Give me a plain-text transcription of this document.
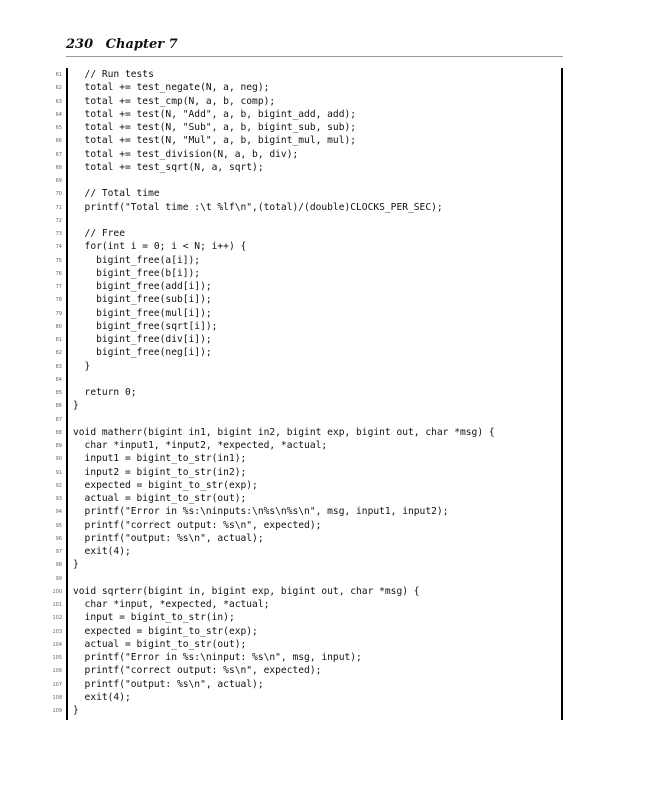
230 Chapter 7
61 // Run tests
62 total += test_negate(N, a, neg);
63 total += test_cmp(N, a, b, comp);
64 total += test(N, "Add", a, b, bigint_add, add);
65 total += test(N, "Sub", a, b, bigint_sub, sub);
66 total += test(N, "Mul", a, b, bigint_mul, mul);
67 total += test_division(N, a, b, div);
68 total += test_sqrt(N, a, sqrt);
69
70 // Total time
71 printf("Total time :\t %lf\n",(total)/(double)CLOCKS_PER_SEC);
72
73 // Free
74 for(int i = 0; i < N; i++) {
75 bigint_free(a[i]);
76 bigint_free(b[i]);
77 bigint_free(add[i]);
78 bigint_free(sub[i]);
79 bigint_free(mul[i]);
80 bigint_free(sqrt[i]);
81 bigint_free(div[i]);
82 bigint_free(neg[i]);
83 }
84
85 return 0;
86 }
87
88 void matherr(bigint in1, bigint in2, bigint exp, bigint out, char *msg) {
89 char *input1, *input2, *expected, *actual;
90 input1 = bigint_to_str(in1);
91 input2 = bigint_to_str(in2);
92 expected = bigint_to_str(exp);
93 actual = bigint_to_str(out);
94 printf("Error in %s:\ninputs:\n%s\n%s\n", msg, input1, input2);
95 printf("correct output: %s\n", expected);
96 printf("output: %s\n", actual);
97 exit(4);
98 }
99
100 void sqrterr(bigint in, bigint exp, bigint out, char *msg) {
101 char *input, *expected, *actual;
102 input = bigint_to_str(in);
103 expected = bigint_to_str(exp);
104 actual = bigint_to_str(out);
105 printf("Error in %s:\ninput: %s\n", msg, input);
106 printf("correct output: %s\n", expected);
107 printf("output: %s\n", actual);
108 exit(4);
109 }
